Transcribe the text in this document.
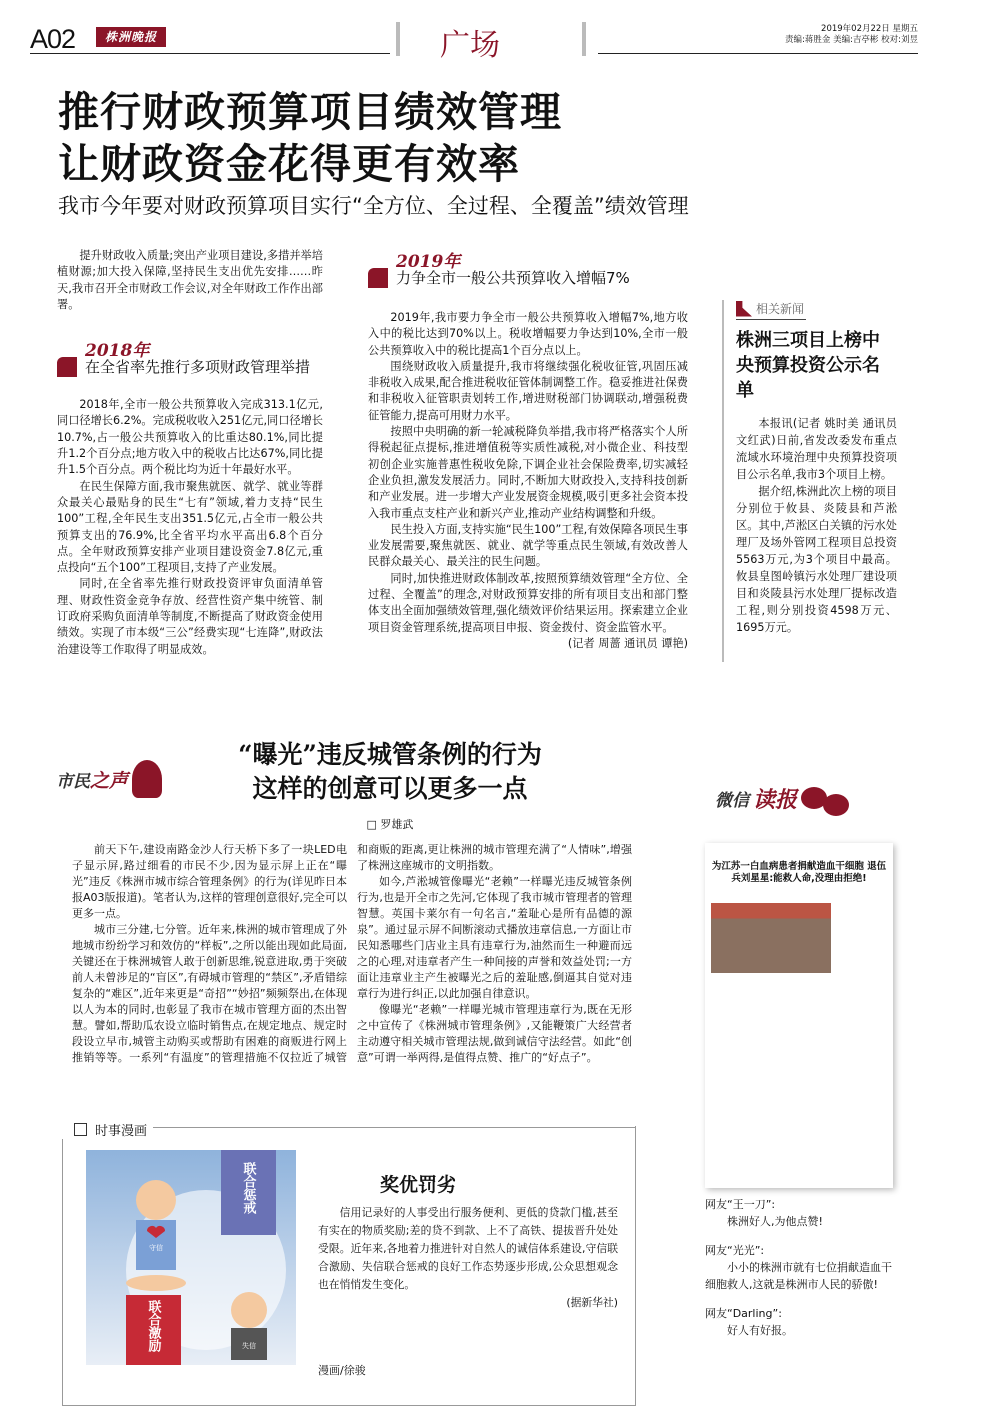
A02	株洲晚报	广场	2019年02月22日 星期五
责编:蒋胜金 美编:吉亭彬 校对:刘昱
推行财政预算项目绩效管理
让财政资金花得更有效率
我市今年要对财政预算项目实行“全方位、全过程、全覆盖”绩效管理

提升财政收入质量;突出产业项目建设,多措并举培植财源;加大投入保障,坚持民生支出优先安排……昨天,我市召开全市财政工作会议,对全年财政工作作出部署。

2018年
在全省率先推行多项财政管理举措

2018年,全市一般公共预算收入完成313.1亿元,同口径增长6.2%。完成税收收入251亿元,同口径增长10.7%,占一般公共预算收入的比重达80.1%,同比提升1.2个百分点;地方收入中的税收占比达67%,同比提升1.5个百分点。两个税比均为近十年最好水平。

在民生保障方面,我市聚焦就医、就学、就业等群众最关心最贴身的民生“七有”领域,着力支持“民生100”工程,全年民生支出351.5亿元,占全市一般公共预算支出的76.9%,比全省平均水平高出6.8个百分点。全年财政预算安排产业项目建设资金7.8亿元,重点投向“五个100”工程项目,支持了产业发展。

同时,在全省率先推行财政投资评审负面清单管理、财政性资金竞争存放、经营性资产集中统管、制订政府采购负面清单等制度,不断提高了财政资金使用绩效。实现了市本级“三公”经费实现“七连降”,财政法治建设等工作取得了明显成效。

2019年
力争全市一般公共预算收入增幅7%

2019年,我市要力争全市一般公共预算收入增幅7%,地方收入中的税比达到70%以上。税收增幅要力争达到10%,全市一般公共预算收入中的税比提高1个百分点以上。

围绕财政收入质量提升,我市将继续强化税收征管,巩固压减非税收入成果,配合推进税收征管体制调整工作。稳妥推进社保费和非税收入征管职责划转工作,增进财税部门协调联动,增强税费征管能力,提高可用财力水平。

按照中央明确的新一轮减税降负举措,我市将严格落实个人所得税起征点提标,推进增值税等实质性减税,对小微企业、科技型初创企业实施普惠性税收免除,下调企业社会保险费率,切实减轻企业负担,激发发展活力。同时,不断加大财政投入,支持科技创新和产业发展。进一步增大产业发展资金规模,吸引更多社会资本投入我市重点支柱产业和新兴产业,推动产业结构调整和升级。

民生投入方面,支持实施“民生100”工程,有效保障各项民生事业发展需要,聚焦就医、就业、就学等重点民生领域,有效改善人民群众最关心、最关注的民生问题。

同时,加快推进财政体制改革,按照预算绩效管理“全方位、全过程、全覆盖”的理念,对财政预算安排的所有项目支出和部门整体支出全面加强绩效管理,强化绩效评价结果运用。探索建立企业项目资金管理系统,提高项目申报、资金拨付、资金监管水平。

(记者 周蔷 通讯员 谭艳)
相关新闻
株洲三项目上榜中央预算投资公示名单

本报讯(记者 姚时美 通讯员 文红武)日前,省发改委发布重点流域水环境治理中央预算投资项目公示名单,我市3个项目上榜。

据介绍,株洲此次上榜的项目分别位于攸县、炎陵县和芦淞区。其中,芦淞区白关镇的污水处理厂及场外管网工程项目总投资5563万元,为3个项目中最高。攸县皇图岭镇污水处理厂建设项目和炎陵县污水处理厂提标改造工程,则分别投资4598万元、1695万元。

市民 之声
“曝光”违反城管条例的行为
这样的创意可以更多一点
□ 罗雄武

前天下午,建设南路金沙人行天桥下多了一块LED电子显示屏,路过细看的市民不少,因为显示屏上正在“曝光”违反《株洲市城市综合管理条例》的行为(详见昨日本报A03版报道)。笔者认为,这样的管理创意很好,完全可以更多一点。

城市三分建,七分管。近年来,株洲的城市管理成了外地城市纷纷学习和效仿的“样板”,之所以能出现如此局面,关键还在于株洲城管人敢于创新思维,锐意进取,勇于突破前人未曾涉足的“盲区”,有碍城市管理的“禁区”,矛盾错综复杂的“难区”,近年来更是“奇招”“妙招”频频祭出,在体现以人为本的同时,也彰显了我市在城市管理方面的杰出智慧。譬如,帮助瓜农设立临时销售点,在规定地点、规定时段设立早市,城管主动购买或帮助有困难的商贩进行网上推销等等。一系列“有温度”的管理措施不仅拉近了城管和商贩的距离,更让株洲的城市管理充满了“人情味”,增强了株洲这座城市的文明指数。

如今,芦淞城管像曝光“老赖”一样曝光违反城管条例行为,也是开全市之先河,它体现了我市城市管理者的管理智慧。英国卡莱尔有一句名言,“羞耻心是所有品德的源泉”。通过显示屏不间断滚动式播放违章信息,一方面让市民知悉哪些门店业主具有违章行为,油然而生一种避而远之的心理,对违章者产生一种间接的声誉和效益处罚;一方面让违章业主产生被曝光之后的羞耻感,倒逼其自觉对违章行为进行纠正,以此加强自律意识。

像曝光“老赖”一样曝光城市管理违章行为,既在无形之中宣传了《株洲城市管理条例》,又能鞭策广大经营者主动遵守相关城市管理法规,做到诚信守法经营。如此“创意”可谓一举两得,是值得点赞、推广的“好点子”。

微信 读报
为江苏一白血病患者捐献造血干细胞 退伍兵刘星星:能救人命,没理由拒绝!
时事漫画
联合惩戒
联合激励
守信
失信
奖优罚劣

信用记录好的人事受出行服务便利、更低的贷款门槛,甚至有实在的物质奖励;差的贷不到款、上不了高铁、提拔晋升处处受限。近年来,各地着力推进针对自然人的诚信体系建设,守信联合激励、失信联合惩戒的良好工作态势逐步形成,公众思想观念也在悄悄发生变化。

(据新华社)
漫画/徐骏
网友“王一刀”:
株洲好人,为他点赞!
网友“光光”:
小小的株洲市就有七位捐献造血干细胞救人,这就是株洲市人民的骄傲!
网友“Darling”:
好人有好报。
